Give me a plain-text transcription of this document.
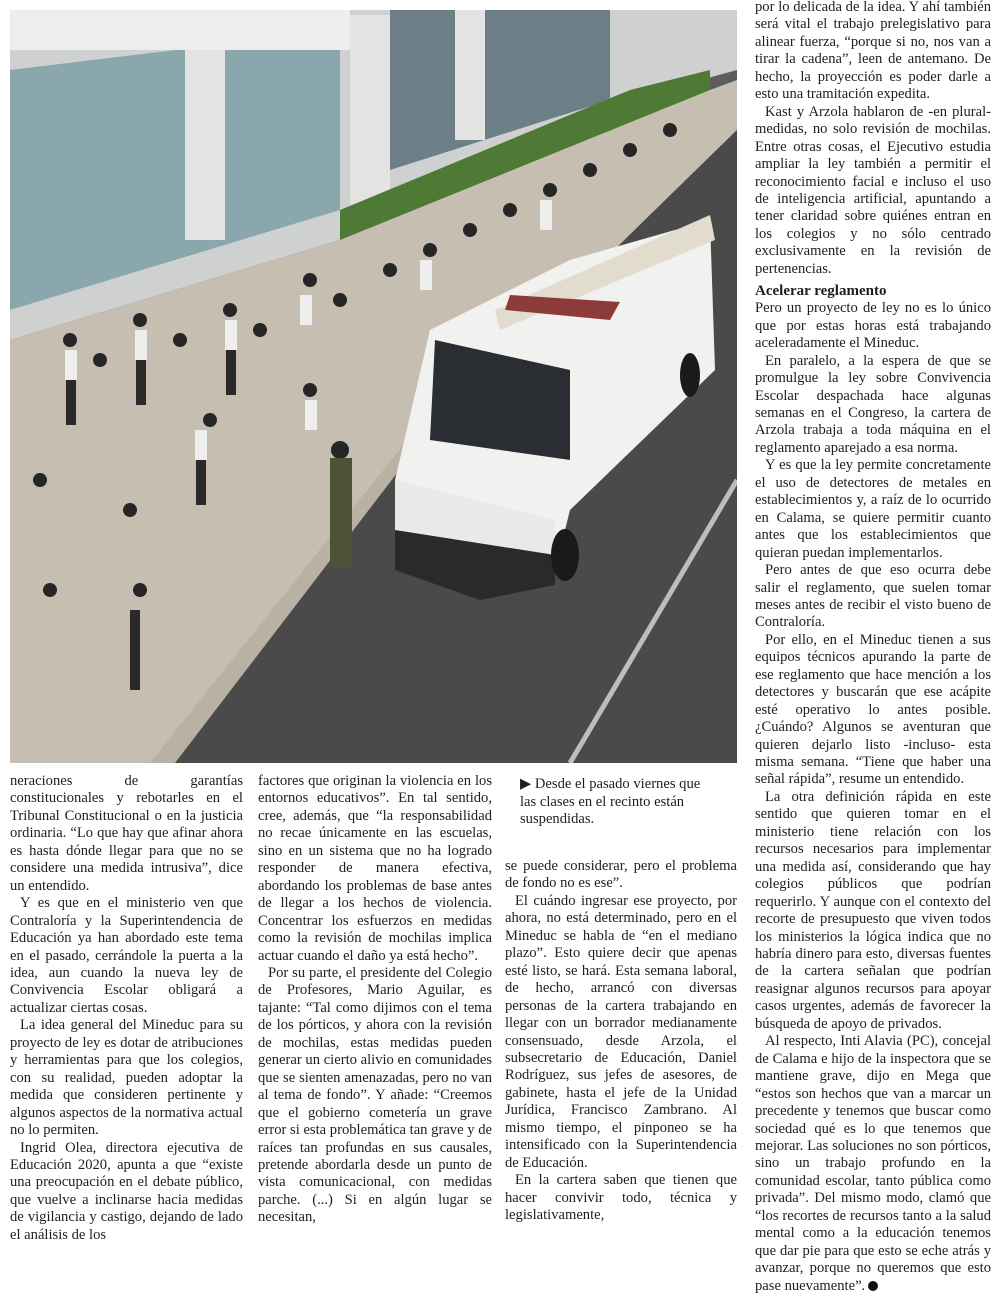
por lo delicada de la idea. Y ahí también será vital el trabajo prelegislativo para alinear fuerza, “porque si no, nos van a tirar la cadena”, leen de antemano. De hecho, la proyección es poder darle a esto una tramitación expedita.

Kast y Arzola hablaron de -en plural- medidas, no solo revisión de mochilas. Entre otras cosas, el Ejecutivo estudia ampliar la ley también a permitir el reconocimiento facial e incluso el uso de inteligencia artificial, apuntando a tener claridad sobre quiénes entran en los colegios y no sólo centrado exclusivamente en la revisión de pertenencias.

Acelerar reglamento

Pero un proyecto de ley no es lo único que por estas horas está trabajando aceleradamente el Mineduc.

En paralelo, a la espera de que se promulgue la ley sobre Convivencia Escolar despachada hace algunas semanas en el Congreso, la cartera de Arzola trabaja a toda máquina en el reglamento aparejado a esa norma.

Y es que la ley permite concretamente el uso de detectores de metales en establecimientos y, a raíz de lo ocurrido en Calama, se quiere permitir cuanto antes que los establecimientos que quieran puedan implementarlos.

Pero antes de que eso ocurra debe salir el reglamento, que suelen tomar meses antes de recibir el visto bueno de Contraloría.

Por ello, en el Mineduc tienen a sus equipos técnicos apurando la parte de ese reglamento que hace mención a los detectores y buscarán que ese acápite esté operativo lo antes posible. ¿Cuándo? Algunos se aventuran que quieren dejarlo listo -incluso- esta misma semana. “Tiene que haber una señal rápida”, resume un entendido.

La otra definición rápida en este sentido que quieren tomar en el ministerio tiene relación con los recursos necesarios para implementar una medida así, considerando que hay colegios públicos que podrían requerirlo. Y aunque con el contexto del recorte de presupuesto que viven todos los ministerios la lógica indica que no habría dinero para esto, diversas fuentes de la cartera señalan que podrían reasignar algunos recursos para apoyar casos urgentes, además de favorecer la búsqueda de apoyo de privados.

Al respecto, Inti Alavia (PC), concejal de Calama e hijo de la inspectora que se mantiene grave, dijo en Mega que “estos son hechos que van a marcar un precedente y tenemos que buscar como sociedad qué es lo que tenemos que mejorar. Las soluciones no son pórticos, sino un trabajo profundo en la comunidad escolar, tanto pública como privada”. Del mismo modo, clamó que “los recortes de recursos tanto a la salud mental como a la educación tenemos que dar pie para que esto se eche atrás y avanzar, porque no queremos que esto pase nuevamente”.

neraciones de garantías constitucionales y rebotarles en el Tribunal Constitucional o en la justicia ordinaria. “Lo que hay que afinar ahora es hasta dónde llegar para que no se considere una medida intrusiva”, dice un entendido.

Y es que en el ministerio ven que Contraloría y la Superintendencia de Educación ya han abordado este tema en el pasado, cerrándole la puerta a la idea, aun cuando la nueva ley de Convivencia Escolar obligará a actualizar ciertas cosas.

La idea general del Mineduc para su proyecto de ley es dotar de atribuciones y herramientas para que los colegios, con su realidad, pueden adoptar la medida que consideren pertinente y algunos aspectos de la normativa actual no lo permiten.

Ingrid Olea, directora ejecutiva de Educación 2020, apunta a que “existe una preocupación en el debate público, que vuelve a inclinarse hacia medidas de vigilancia y castigo, dejando de lado el análisis de los

factores que originan la violencia en los entornos educativos”. En tal sentido, cree, además, que “la responsabilidad no recae únicamente en las escuelas, sino en un sistema que no ha logrado responder de manera efectiva, abordando los problemas de base antes de llegar a los hechos de violencia. Concentrar los esfuerzos en medidas como la revisión de mochilas implica actuar cuando el daño ya está hecho”.

Por su parte, el presidente del Colegio de Profesores, Mario Aguilar, es tajante: “Tal como dijimos con el tema de los pórticos, y ahora con la revisión de mochilas, estas medidas pueden generar un cierto alivio en comunidades que se sienten amenazadas, pero no van al tema de fondo”. Y añade: “Creemos que el gobierno cometería un grave error si esta problemática tan grave y de raíces tan profundas en sus causales, pretende abordarla desde un punto de vista comunicacional, con medidas parche. (...) Si en algún lugar se necesitan,

▶ Desde el pasado viernes que las clases en el recinto están suspendidas.

se puede considerar, pero el problema de fondo no es ese”.

El cuándo ingresar ese proyecto, por ahora, no está determinado, pero en el Mineduc se habla de “en el mediano plazo”. Esto quiere decir que apenas esté listo, se hará. Esta semana laboral, de hecho, arrancó con diversas personas de la cartera trabajando en llegar con un borrador medianamente consensuado, desde Arzola, el subsecretario de Educación, Daniel Rodríguez, sus jefes de asesores, de gabinete, hasta el jefe de la Unidad Jurídica, Francisco Zambrano. Al mismo tiempo, el pinponeo se ha intensificado con la Superintendencia de Educación.

En la cartera saben que tienen que hacer convivir todo, técnica y legislativamente,
